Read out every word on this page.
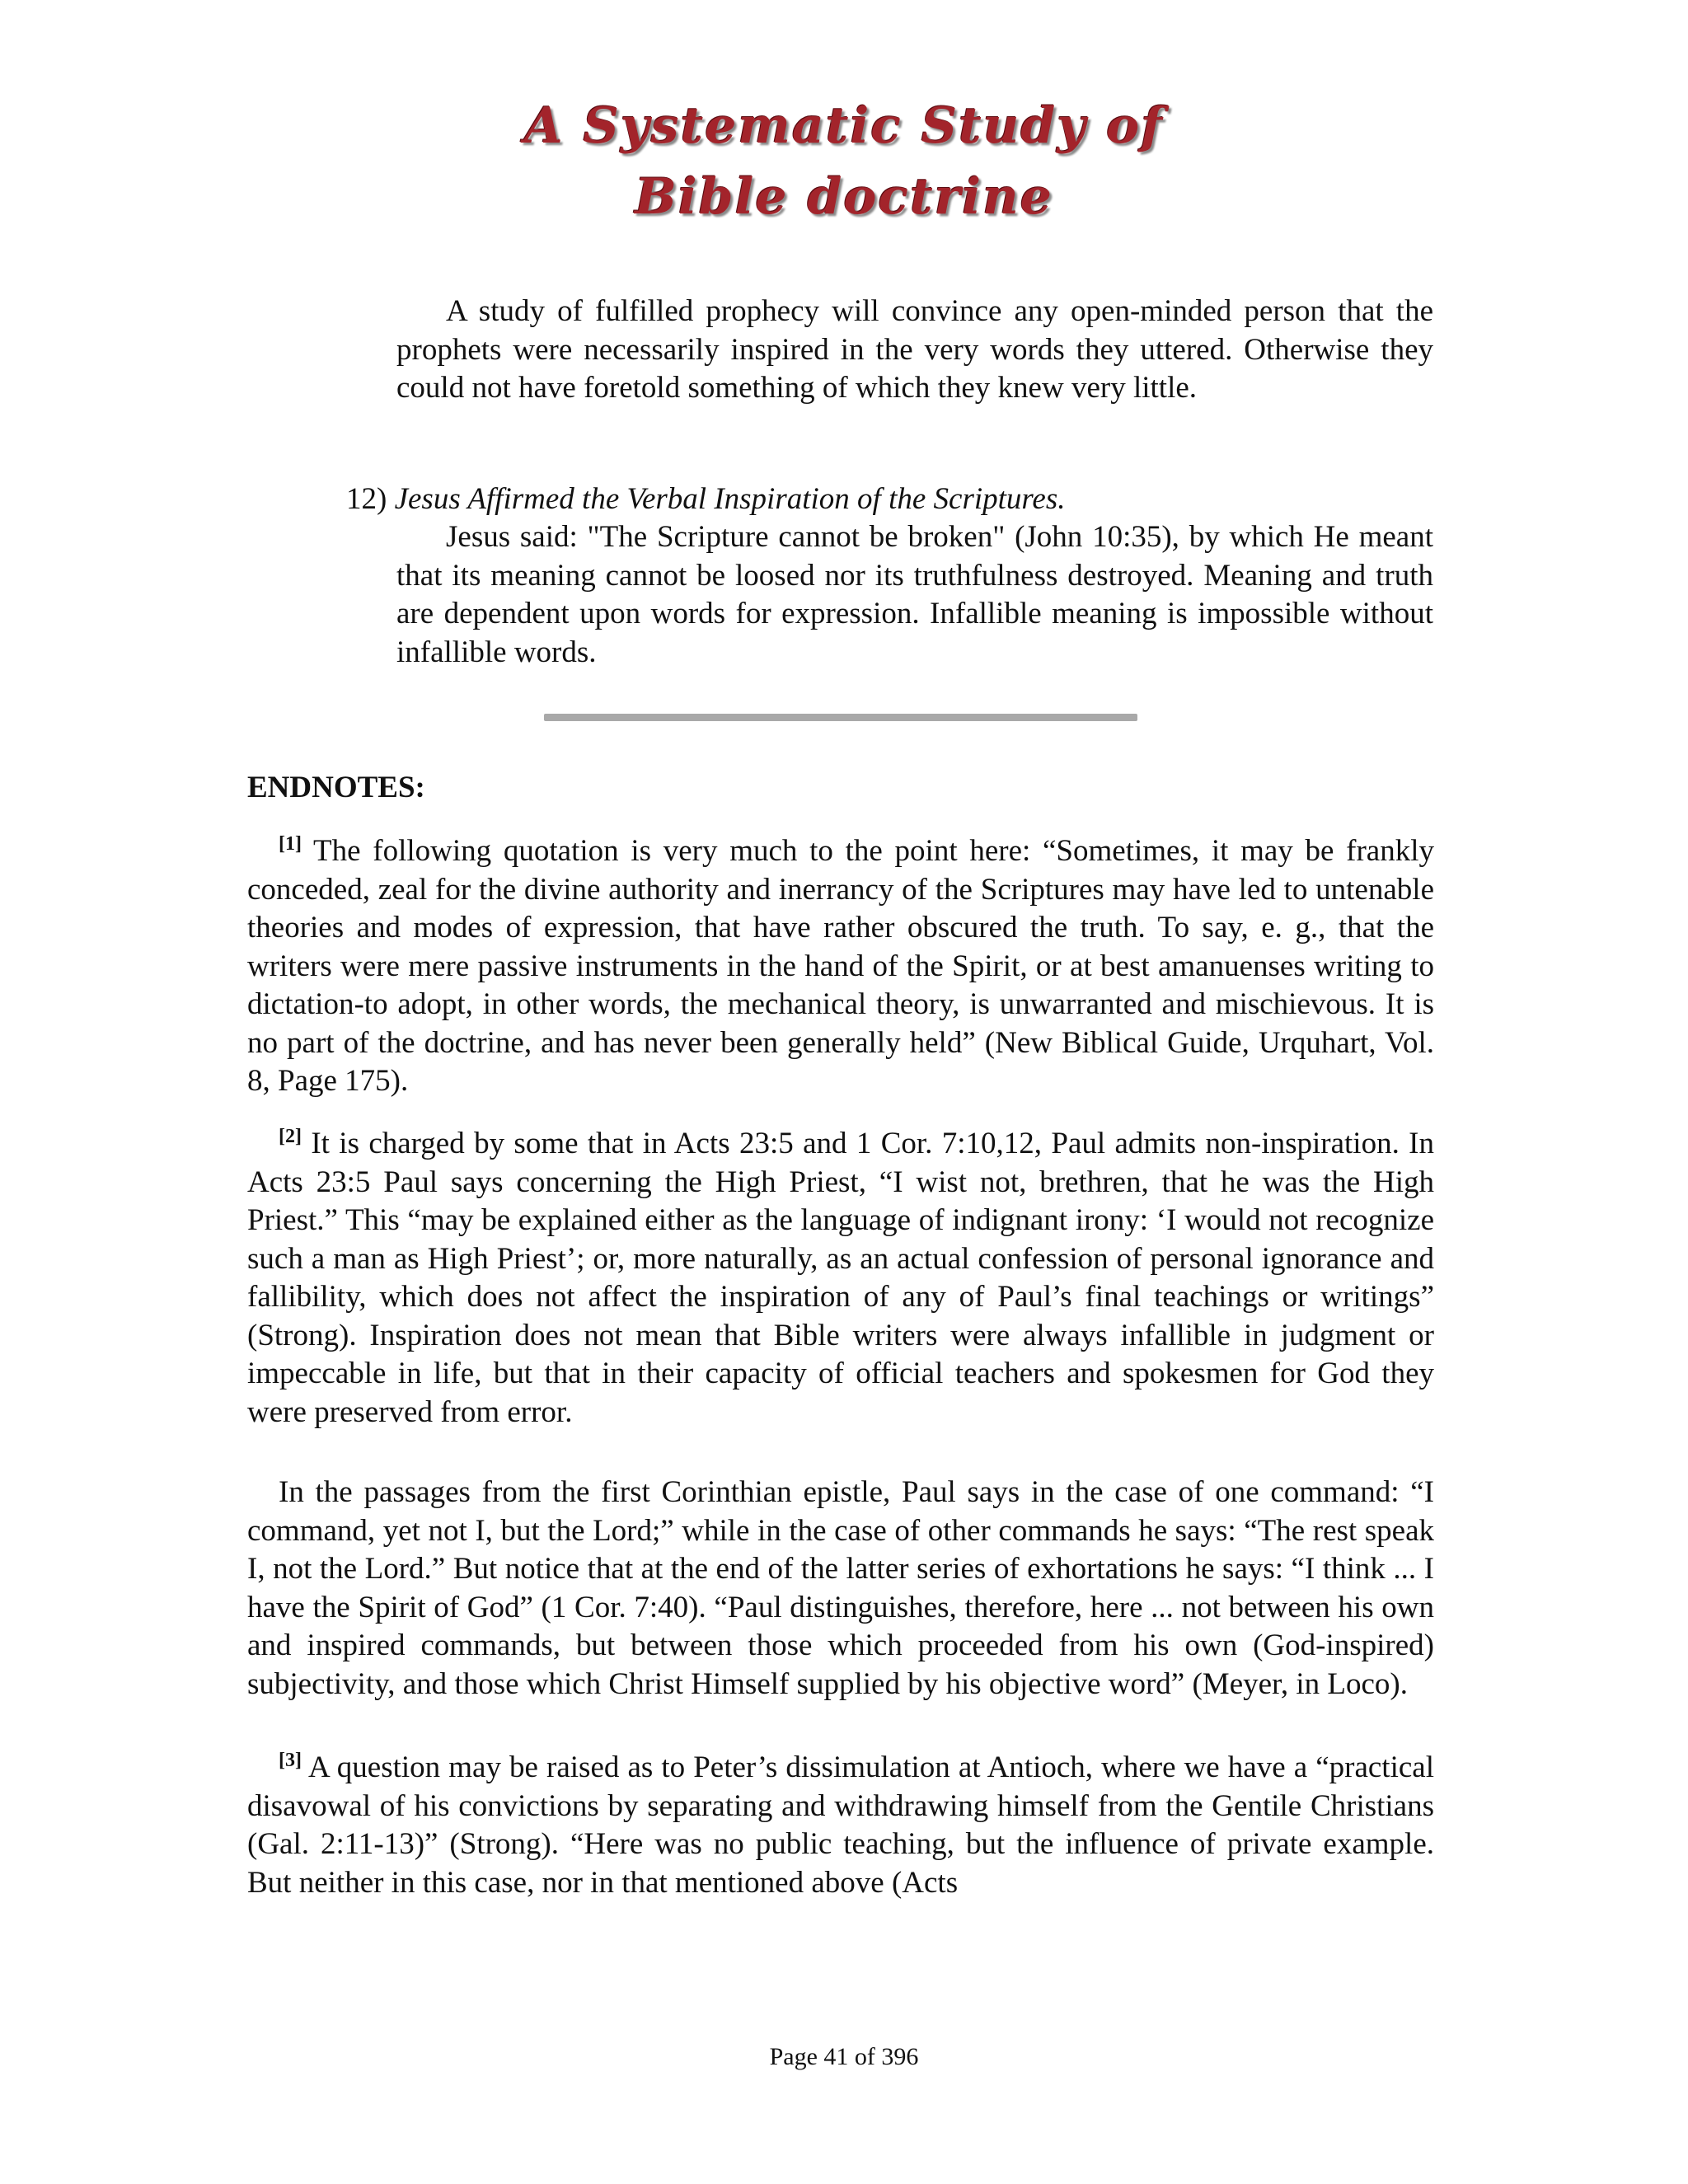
A Systematic Study of
Bible doctrine

A study of fulfilled prophecy will convince any open-minded person that the prophets were necessarily inspired in the very words they uttered. Otherwise they could not have foretold something of which they knew very little.

12) Jesus Affirmed the Verbal Inspiration of the Scriptures.

Jesus said: "The Scripture cannot be broken" (John 10:35), by which He meant that its meaning cannot be loosed nor its truthfulness destroyed. Meaning and truth are dependent upon words for expression. Infallible meaning is impossible without infallible words.

ENDNOTES:

[1] The following quotation is very much to the point here: “Sometimes, it may be frankly conceded, zeal for the divine authority and inerrancy of the Scriptures may have led to untenable theories and modes of expression, that have rather obscured the truth. To say, e. g., that the writers were mere passive instruments in the hand of the Spirit, or at best amanuenses writing to dictation-to adopt, in other words, the mechanical theory, is unwarranted and mischievous. It is no part of the doctrine, and has never been generally held” (New Biblical Guide, Urquhart, Vol. 8, Page 175).

[2] It is charged by some that in Acts 23:5 and 1 Cor. 7:10,12, Paul admits non-inspiration. In Acts 23:5 Paul says concerning the High Priest, “I wist not, brethren, that he was the High Priest.” This “may be explained either as the language of indignant irony: ‘I would not recognize such a man as High Priest’; or, more naturally, as an actual confession of personal ignorance and fallibility, which does not affect the inspiration of any of Paul’s final teachings or writings” (Strong). Inspiration does not mean that Bible writers were always infallible in judgment or impeccable in life, but that in their capacity of official teachers and spokesmen for God they were preserved from error.

In the passages from the first Corinthian epistle, Paul says in the case of one command: “I command, yet not I, but the Lord;” while in the case of other commands he says: “The rest speak I, not the Lord.” But notice that at the end of the latter series of exhortations he says: “I think ... I have the Spirit of God” (1 Cor. 7:40). “Paul distinguishes, therefore, here ... not between his own and inspired commands, but between those which proceeded from his own (God-inspired) subjectivity, and those which Christ Himself supplied by his objective word” (Meyer, in Loco).

[3] A question may be raised as to Peter’s dissimulation at Antioch, where we have a “practical disavowal of his convictions by separating and withdrawing himself from the Gentile Christians (Gal. 2:11-13)” (Strong). “Here was no public teaching, but the influence of private example. But neither in this case, nor in that mentioned above (Acts

Page 41 of 396
